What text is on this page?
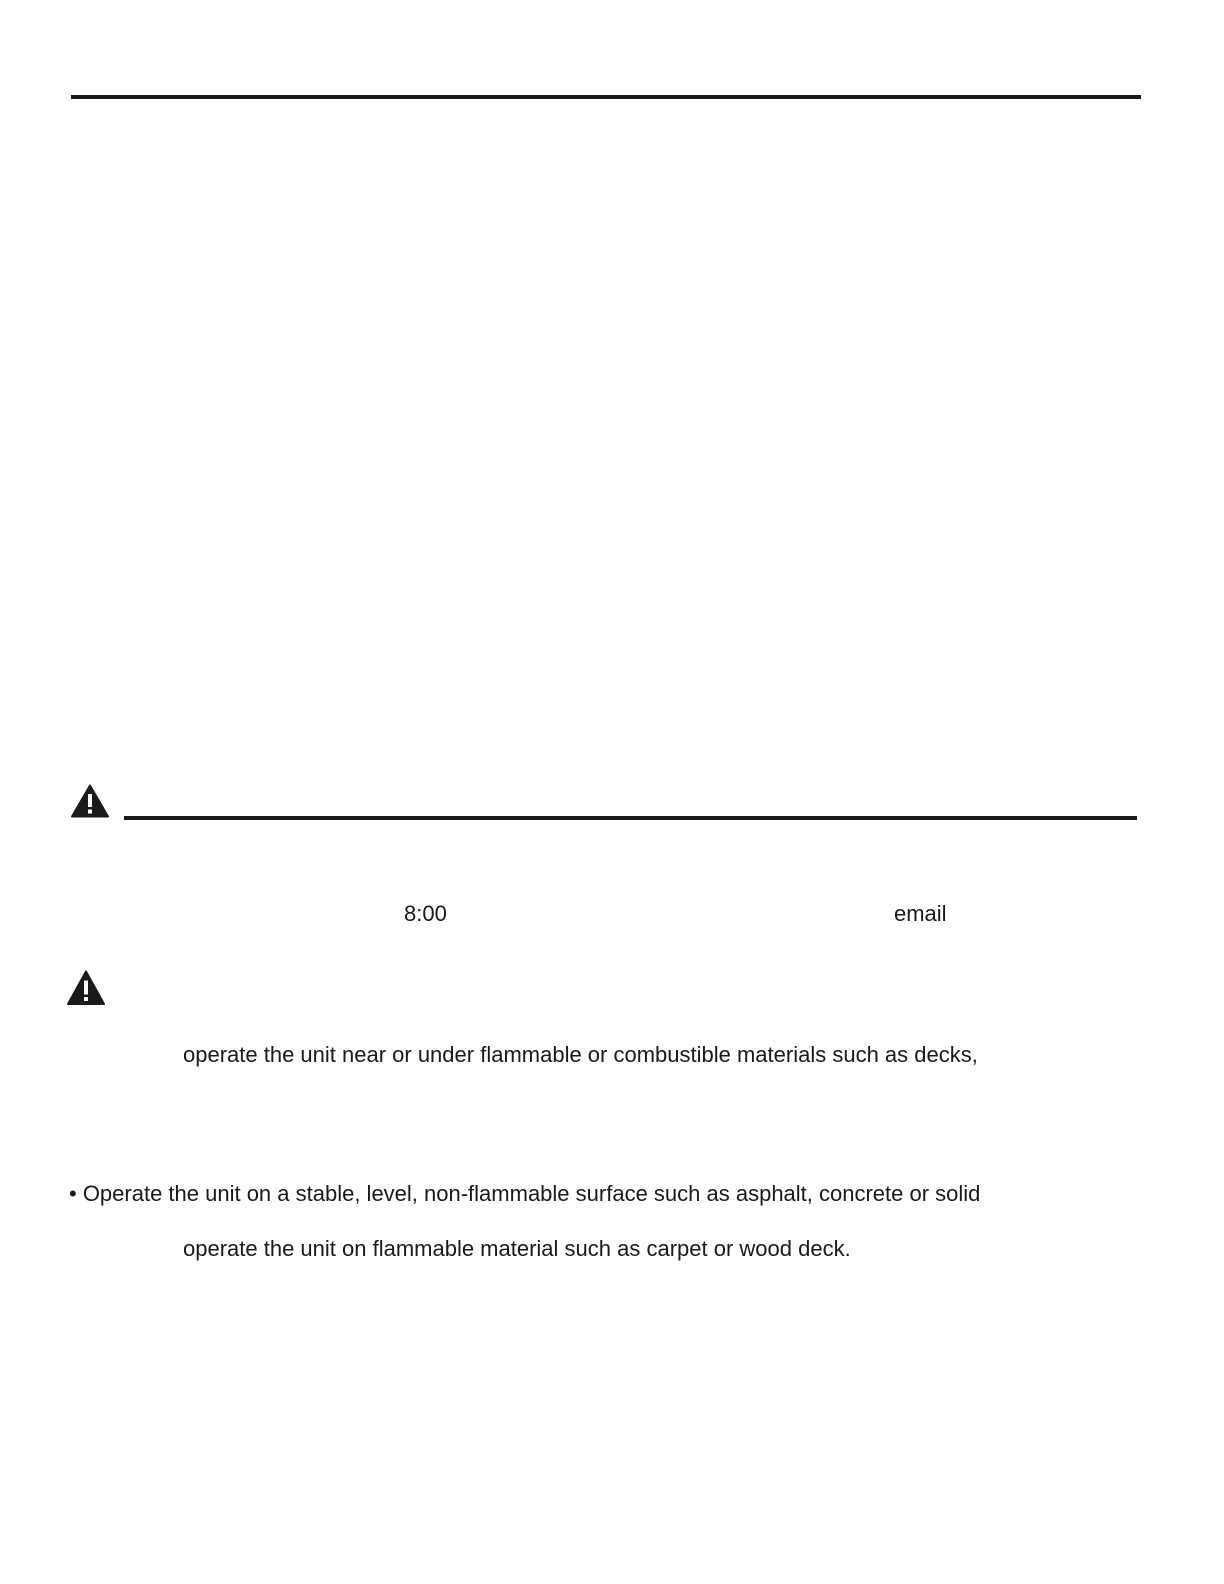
8:00	email
operate the unit near or under flammable or combustible materials such as decks,
• Operate the unit on a stable, level, non-flammable surface such as asphalt, concrete or solid
operate the unit on flammable material such as carpet or wood deck.
